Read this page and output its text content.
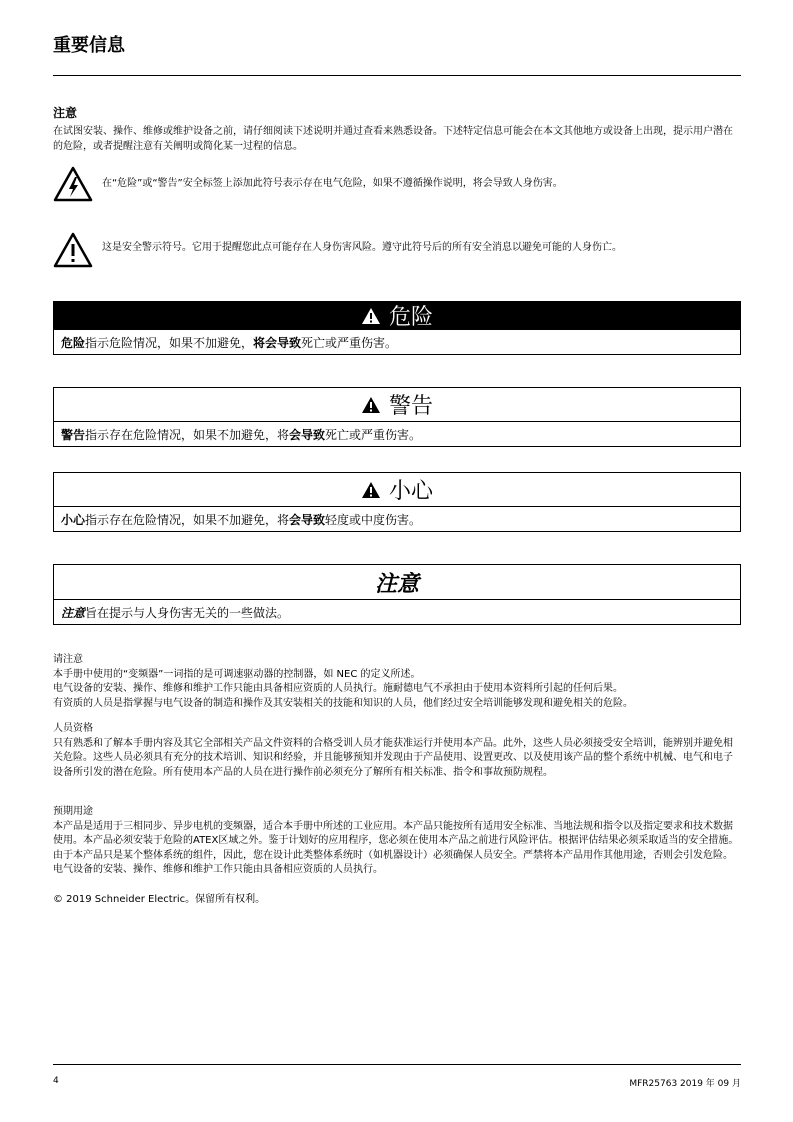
重要信息
注意
在试图安装、操作、维修或维护设备之前，请仔细阅读下述说明并通过查看来熟悉设备。下述特定信息可能会在本文其他地方或设备上出现，提示用户潜在的危险，或者提醒注意有关阐明或简化某一过程的信息。
在“危险”或“警告”安全标签上添加此符号表示存在电气危险，如果不遵循操作说明，将会导致人身伤害。
这是安全警示符号。它用于提醒您此点可能存在人身伤害风险。遵守此符号后的所有安全消息以避免可能的人身伤亡。
危险
危险 指示危险情况，如果不加避免， 将会导致 死亡或严重伤害。
警告
警告 指示存在危险情况，如果不加避免，将 会导致 死亡或严重伤害。
小心
小心 指示存在危险情况，如果不加避免，将 会导致 轻度或中度伤害。
注意
注意 旨在提示与人身伤害无关的一些做法。

请注意

本手册中使用的“变频器”一词指的是可调速驱动器的控制器，如 NEC 的定义所述。

电气设备的安装、操作、维修和维护工作只能由具备相应资质的人员执行。施耐德电气不承担由于使用本资料所引起的任何后果。

有资质的人员是指掌握与电气设备的制造和操作及其安装相关的技能和知识的人员，他们经过安全培训能够发现和避免相关的危险。

人员资格

只有熟悉和了解本手册内容及其它全部相关产品文件资料的合格受训人员才能获准运行并使用本产品。此外，这些人员必须接受安全培训，能辨别并避免相关危险。这些人员必须具有充分的技术培训、知识和经验，并且能够预知并发现由于产品使用、设置更改、以及使用该产品的整个系统中机械、电气和电子设备所引发的潜在危险。所有使用本产品的人员在进行操作前必须充分了解所有相关标准、指令和事故预防规程。

预期用途

本产品是适用于三相同步、异步电机的变频器，适合本手册中所述的工业应用。本产品只能按所有适用安全标准、当地法规和指令以及指定要求和技术数据使用。本产品必须安装于危险的ATEX区域之外。鉴于计划好的应用程序，您必须在使用本产品之前进行风险评估。根据评估结果必须采取适当的安全措施。由于本产品只是某个整体系统的组件，因此，您在设计此类整体系统时（如机器设计）必须确保人员安全。严禁将本产品用作其他用途，否则会引发危险。电气设备的安装、操作、维修和维护工作只能由具备相应资质的人员执行。

© 2019 Schneider Electric。保留所有权利。
4	MFR25763 2019 年 09 月
